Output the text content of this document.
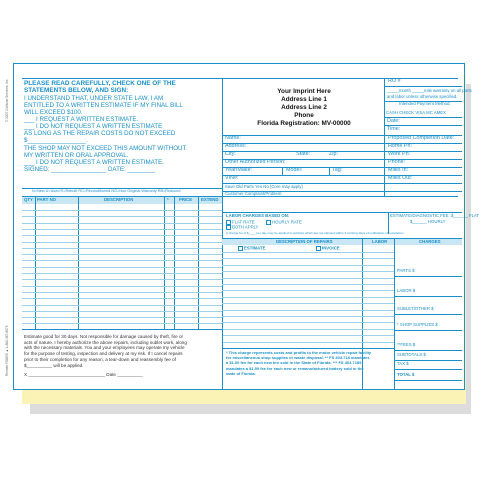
© 2007 Collision Services, Inc.
Reorder RO65S ▲ 1-800-367-6675
PLEASE READ CAREFULLY, CHECK ONE OF THE
STATEMENTS BELOW, AND SIGN:
I UNDERSTAND THAT, UNDER STATE LAW, I AM
ENTITLED TO A WRITTEN ESTIMATE IF MY FINAL BILL
WILL EXCEED $100.
___ I REQUEST A WRITTEN ESTIMATE.
___ I DO NOT REQUEST A WRITTEN ESTIMATE
AS LONG AS THE REPAIR COSTS DO NOT EXCEED
$_________________.
THE SHOP MAY NOT EXCEED THIS AMOUNT WITHOUT
MY WRITTEN OR ORAL APPROVAL.
___ I DO NOT REQUEST A WRITTEN ESTIMATE.
SIGNED: ________________ DATE: ________
Your Imprint Here
Address Line 1
Address Line 2
Phone
Florida Registration: MV-00000
RO #
_____month _____mile warranty on all parts
and labor unless otherwise specified.
Intended Payment Method:
CASH CHECK VISA MC AMEX
Date:
Time:
Name:	Proposed Completion Date:
Address:	Home Ph:
City:	State:	Zip:	Work Ph:
Other Authorized Person:	Phone:
Year/Make:	Model:	Tag:	Miles In:
VIN#:	Miles Out:
Save Old Parts Yes No (Core may apply)
Customer Complaint/Problem:
N=New U=Used R=Rebuilt RC=Reconditioned NO=Non Original Warranty RB=Reduced
QTY PART NO	DESCRIPTION	* PRICE EXTEND
LABOR CHARGES BASED ON:
FLAT RATE	HOURLY RATE
BOTH APPLY
ESTIMATE/DIAGNOSTIC FEE: $______ FLAT
$______ HOURLY
A charge for of $____ per day may be applied to vehicles which are not claimed within 3 working days of notification of completion
DESCRIPTION OF REPAIRS	LABOR	CHARGES
ESTIMATE	INVOICE
PARTS $
LABOR $
SUBLET/OTHER $
* SHOP SUPPLIES $
**FEES $
SUBTOTALS $
TAX $
TOTAL $
Estimate good for 30 days. Not responsible for damage caused by theft, fire or
acts of nature. I hereby authorize the above repairs, including sublet work, along
with the necessary materials. You and your employees may operate my vehicle
for the purpose of testing, inspection and delivery at my risk. If I cancel repairs
prior to their completion for any reason, a tear-down and reassembly fee of
$__________ will be applied.
X ______________________________ Date __________
* This charge represents costs and profits to the motor vehicle repair facility
for miscellaneous shop supplies or waste disposal. ** FS 403.718 mandates
a $1.00 fee for each new tire sold in the State of Florida. *** FS 403.7185
mandates a $1.50 fee for each new or remanufactured battery sold in the
state of Florida.
